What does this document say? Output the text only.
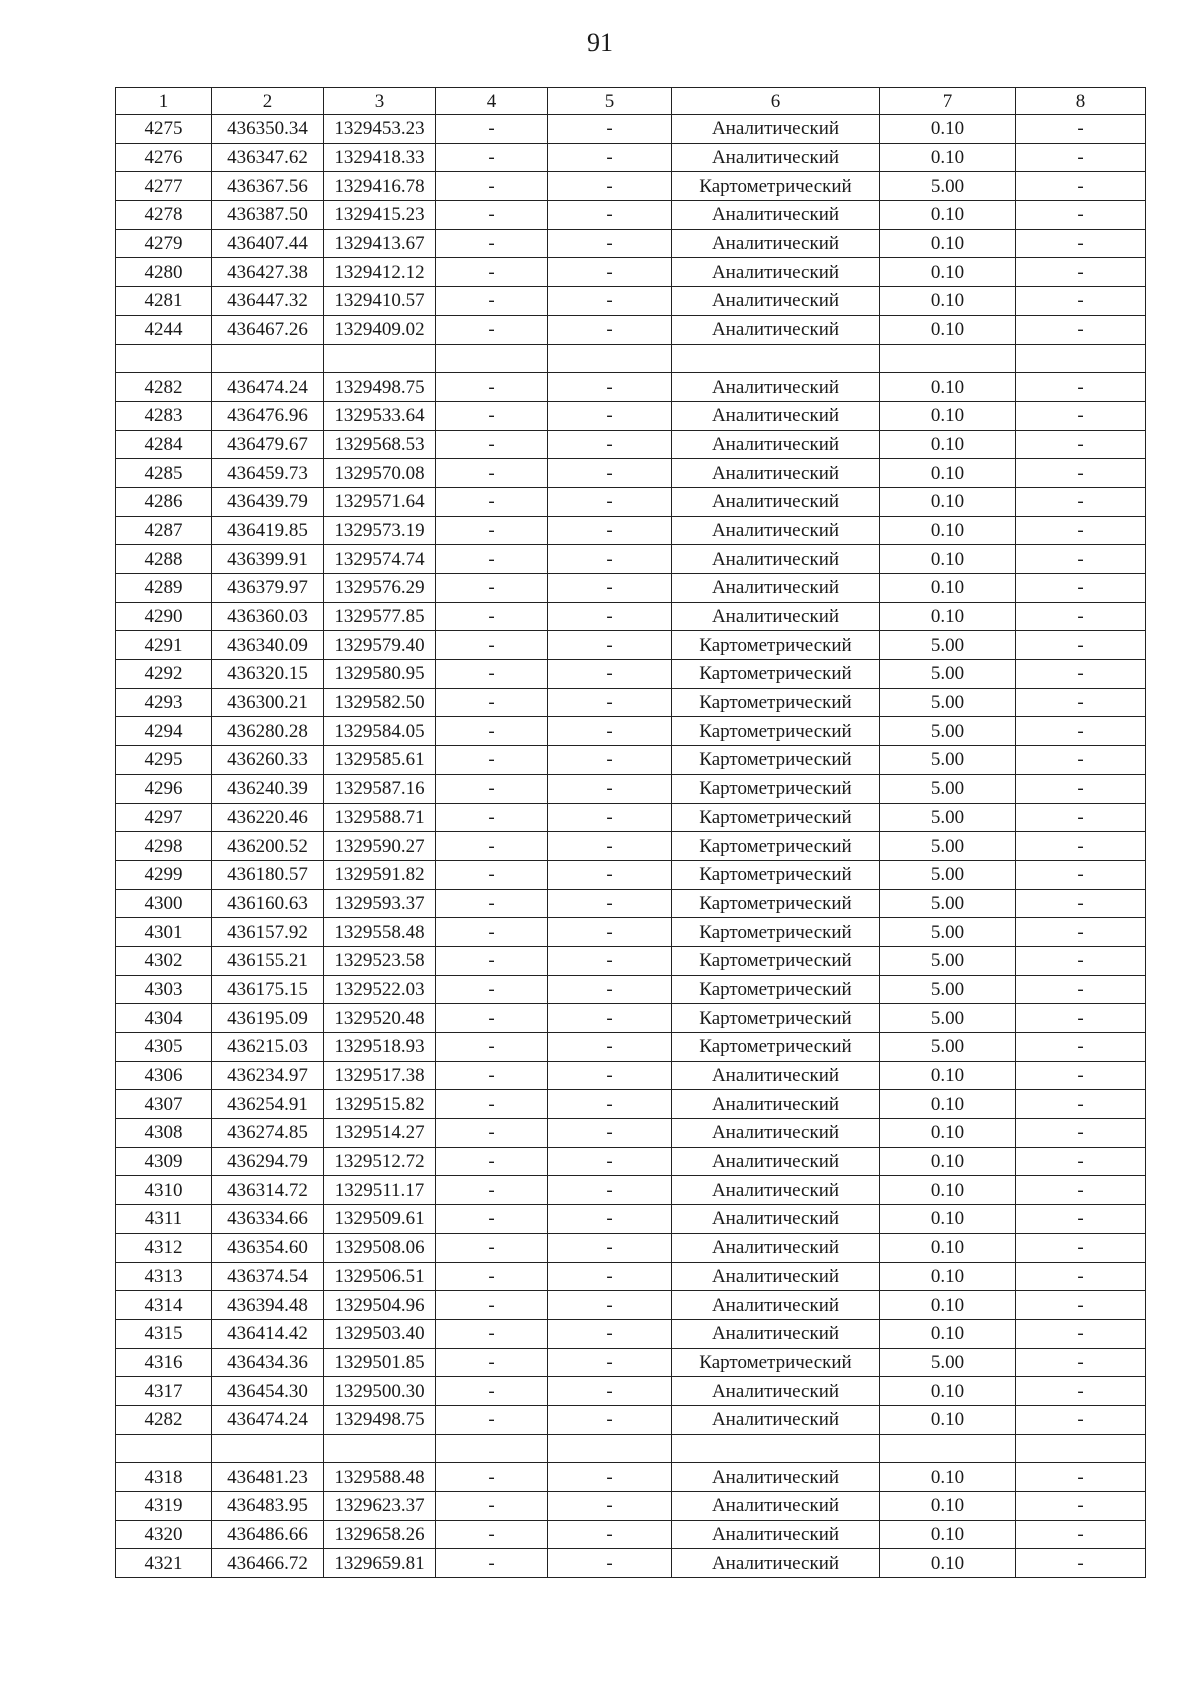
91
1	2	3	4	5	6	7	8
4275	436350.34	1329453.23	-	-	Аналитический	0.10	-
4276	436347.62	1329418.33	-	-	Аналитический	0.10	-
4277	436367.56	1329416.78	-	-	Картометрический	5.00	-
4278	436387.50	1329415.23	-	-	Аналитический	0.10	-
4279	436407.44	1329413.67	-	-	Аналитический	0.10	-
4280	436427.38	1329412.12	-	-	Аналитический	0.10	-
4281	436447.32	1329410.57	-	-	Аналитический	0.10	-
4244	436467.26	1329409.02	-	-	Аналитический	0.10	-

4282	436474.24	1329498.75	-	-	Аналитический	0.10	-
4283	436476.96	1329533.64	-	-	Аналитический	0.10	-
4284	436479.67	1329568.53	-	-	Аналитический	0.10	-
4285	436459.73	1329570.08	-	-	Аналитический	0.10	-
4286	436439.79	1329571.64	-	-	Аналитический	0.10	-
4287	436419.85	1329573.19	-	-	Аналитический	0.10	-
4288	436399.91	1329574.74	-	-	Аналитический	0.10	-
4289	436379.97	1329576.29	-	-	Аналитический	0.10	-
4290	436360.03	1329577.85	-	-	Аналитический	0.10	-
4291	436340.09	1329579.40	-	-	Картометрический	5.00	-
4292	436320.15	1329580.95	-	-	Картометрический	5.00	-
4293	436300.21	1329582.50	-	-	Картометрический	5.00	-
4294	436280.28	1329584.05	-	-	Картометрический	5.00	-
4295	436260.33	1329585.61	-	-	Картометрический	5.00	-
4296	436240.39	1329587.16	-	-	Картометрический	5.00	-
4297	436220.46	1329588.71	-	-	Картометрический	5.00	-
4298	436200.52	1329590.27	-	-	Картометрический	5.00	-
4299	436180.57	1329591.82	-	-	Картометрический	5.00	-
4300	436160.63	1329593.37	-	-	Картометрический	5.00	-
4301	436157.92	1329558.48	-	-	Картометрический	5.00	-
4302	436155.21	1329523.58	-	-	Картометрический	5.00	-
4303	436175.15	1329522.03	-	-	Картометрический	5.00	-
4304	436195.09	1329520.48	-	-	Картометрический	5.00	-
4305	436215.03	1329518.93	-	-	Картометрический	5.00	-
4306	436234.97	1329517.38	-	-	Аналитический	0.10	-
4307	436254.91	1329515.82	-	-	Аналитический	0.10	-
4308	436274.85	1329514.27	-	-	Аналитический	0.10	-
4309	436294.79	1329512.72	-	-	Аналитический	0.10	-
4310	436314.72	1329511.17	-	-	Аналитический	0.10	-
4311	436334.66	1329509.61	-	-	Аналитический	0.10	-
4312	436354.60	1329508.06	-	-	Аналитический	0.10	-
4313	436374.54	1329506.51	-	-	Аналитический	0.10	-
4314	436394.48	1329504.96	-	-	Аналитический	0.10	-
4315	436414.42	1329503.40	-	-	Аналитический	0.10	-
4316	436434.36	1329501.85	-	-	Картометрический	5.00	-
4317	436454.30	1329500.30	-	-	Аналитический	0.10	-
4282	436474.24	1329498.75	-	-	Аналитический	0.10	-

4318	436481.23	1329588.48	-	-	Аналитический	0.10	-
4319	436483.95	1329623.37	-	-	Аналитический	0.10	-
4320	436486.66	1329658.26	-	-	Аналитический	0.10	-
4321	436466.72	1329659.81	-	-	Аналитический	0.10	-
